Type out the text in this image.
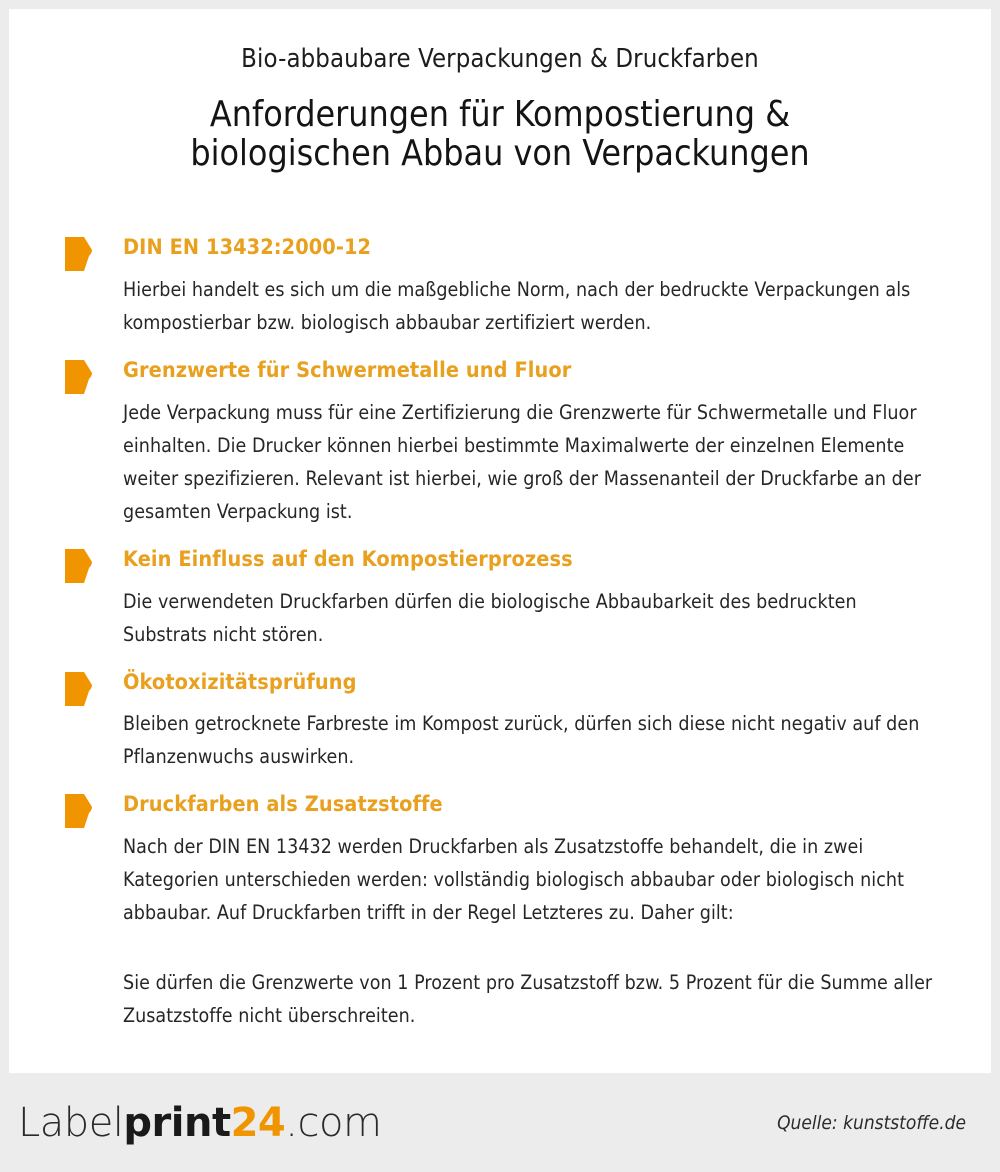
Bio-abbaubare Verpackungen & Druckfarben
Anforderungen für Kompostierung &
biologischen Abbau von Verpackungen
DIN EN 13432:2000-12
Hierbei handelt es sich um die maßgebliche Norm, nach der bedruckte Verpackungen als kompostierbar bzw. biologisch abbaubar zertifiziert werden.
Grenzwerte für Schwermetalle und Fluor
Jede Verpackung muss für eine Zertifizierung die Grenzwerte für Schwermetalle und Fluor einhalten. Die Drucker können hierbei bestimmte Maximalwerte der einzelnen Elemente weiter spezifizieren. Relevant ist hierbei, wie groß der Massenanteil der Druckfarbe an der gesamten Verpackung ist.
Kein Einfluss auf den Kompostierprozess
Die verwendeten Druckfarben dürfen die biologische Abbaubarkeit des bedruckten Substrats nicht stören.
Ökotoxizitätsprüfung
Bleiben getrocknete Farbreste im Kompost zurück, dürfen sich diese nicht negativ auf den Pflanzenwuchs auswirken.
Druckfarben als Zusatzstoffe
Nach der DIN EN 13432 werden Druckfarben als Zusatzstoffe behandelt, die in zwei Kategorien unterschieden werden: vollständig biologisch abbaubar oder biologisch nicht abbaubar. Auf Druckfarben trifft in der Regel Letzteres zu. Daher gilt:
Sie dürfen die Grenzwerte von 1 Prozent pro Zusatzstoff bzw. 5 Prozent für die Summe aller Zusatzstoffe nicht überschreiten.
Label print 24 .com	Quelle: kunststoffe.de
